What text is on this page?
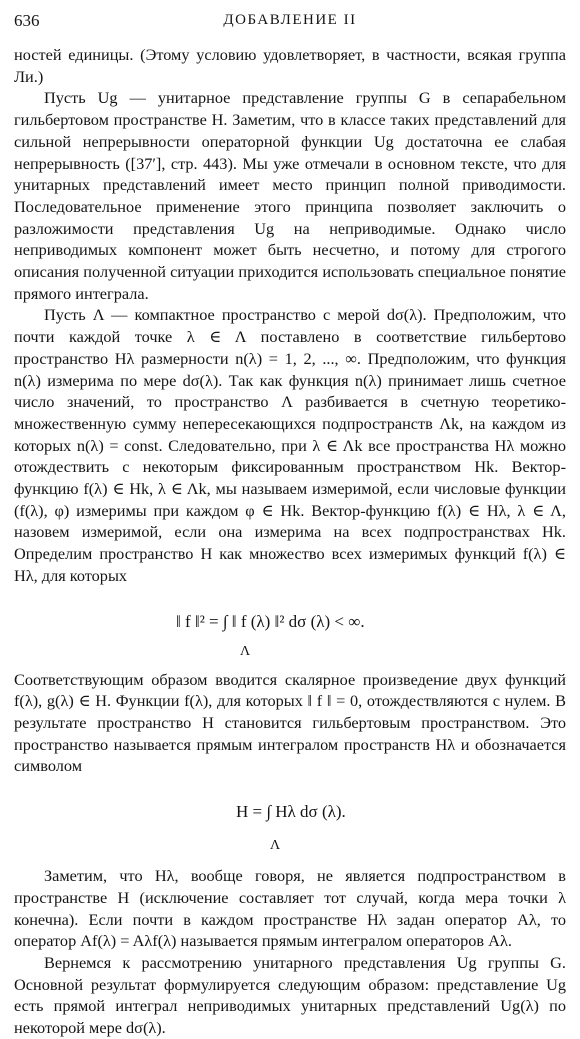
636	ДОБАВЛЕНИЕ II

ностей единицы. (Этому условию удовлетворяет, в частности, всякая группа Ли.)

Пусть Ug — унитарное представление группы G в сепарабельном гильбертовом пространстве H. Заметим, что в классе таких представлений для сильной непрерывности операторной функции Ug достаточна ее слабая непрерывность ([37′], стр. 443). Мы уже отмечали в основном тексте, что для унитарных представлений имеет место принцип полной приводимости. Последовательное применение этого принципа позволяет заключить о разложимости представления Ug на неприводимые. Однако число неприводимых компонент может быть несчетно, и потому для строгого описания полученной ситуации приходится использовать специальное понятие прямого интеграла.

Пусть Λ — компактное пространство с мерой dσ(λ). Предположим, что почти каждой точке λ ∈ Λ поставлено в соответствие гильбертово пространство Hλ размерности n(λ) = 1, 2, ..., ∞. Предположим, что функция n(λ) измерима по мере dσ(λ). Так как функция n(λ) принимает лишь счетное число значений, то пространство Λ разбивается в счетную теоретико-множественную сумму непересекающихся подпространств Λk, на каждом из которых n(λ) = const. Следовательно, при λ ∈ Λk все пространства Hλ можно отождествить с некоторым фиксированным пространством Hk. Вектор-функцию f(λ) ∈ Hk, λ ∈ Λk, мы называем измеримой, если числовые функции (f(λ), φ) измеримы при каждом φ ∈ Hk. Вектор-функцию f(λ) ∈ Hλ, λ ∈ Λ, назовем измеримой, если она измерима на всех подпространствах Hk. Определим пространство H как множество всех измеримых функций f(λ) ∈ Hλ, для которых

‖ f ‖² = ∫ ‖ f (λ) ‖² dσ (λ) < ∞.
Λ

Соответствующим образом вводится скалярное произведение двух функций f(λ), g(λ) ∈ H. Функции f(λ), для которых ‖ f ‖ = 0, отождествляются с нулем. В результате пространство H становится гильбертовым пространством. Это пространство называется прямым интегралом пространств Hλ и обозначается символом

H = ∫ Hλ dσ (λ).
Λ

Заметим, что Hλ, вообще говоря, не является подпространством в пространстве H (исключение составляет тот случай, когда мера точки λ конечна). Если почти в каждом пространстве Hλ задан оператор Aλ, то оператор Af(λ) = Aλf(λ) называется прямым интегралом операторов Aλ.

Вернемся к рассмотрению унитарного представления Ug группы G. Основной результат формулируется следующим образом: представление Ug есть прямой интеграл неприводимых унитарных представлений Ug(λ) по некоторой мере dσ(λ).
